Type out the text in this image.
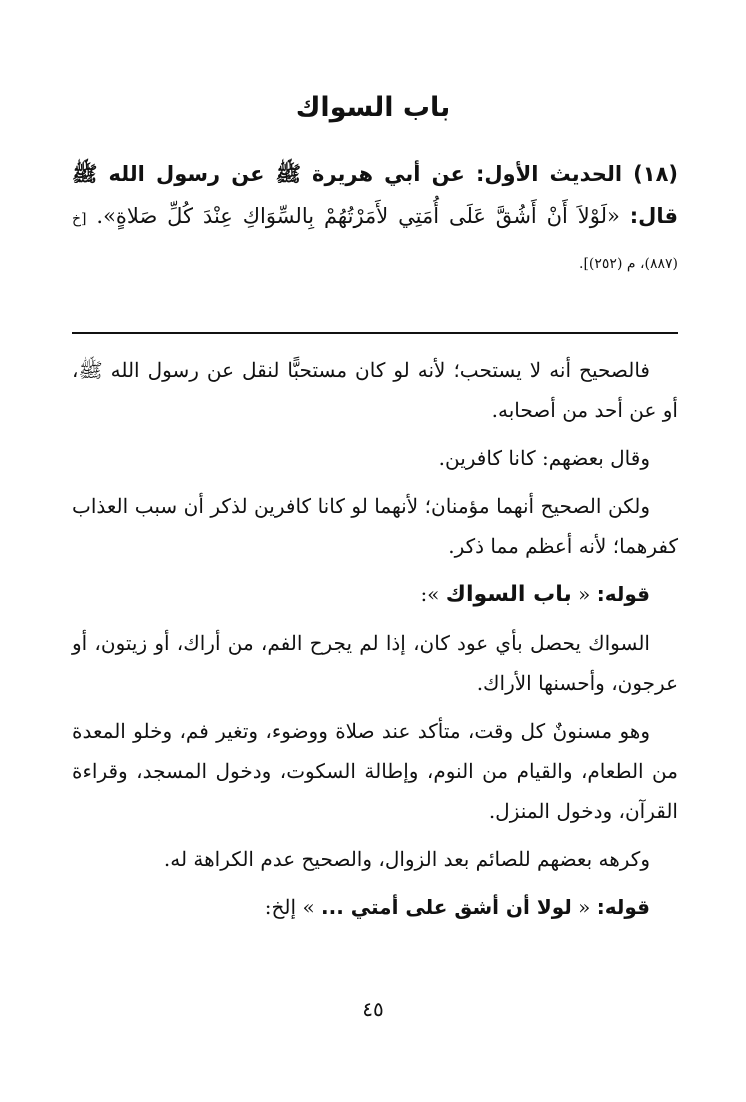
باب السواك
(١٨) الحديث الأول: عن أبي هريرة ﷺ عن رسول الله ﷺ قال: «لَوْلاَ أَنْ أَشُقَّ عَلَى أُمَتِي لأَمَرْتُهُمْ بِالسِّوَاكِ عِنْدَ كُلِّ صَلاةٍ». [خ (٨٨٧)، م (٢٥٢)].

فالصحيح أنه لا يستحب؛ لأنه لو كان مستحبًّا لنقل عن رسول الله ﷺ، أو عن أحد من أصحابه.

وقال بعضهم: كانا كافرين.

ولكن الصحيح أنهما مؤمنان؛ لأنهما لو كانا كافرين لذكر أن سبب العذاب كفرهما؛ لأنه أعظم مما ذكر.

قوله: « باب السواك »:

السواك يحصل بأي عود كان، إذا لم يجرح الفم، من أراك، أو زيتون، أو عرجون، وأحسنها الأراك.

وهو مسنونٌ كل وقت، متأكد عند صلاة ووضوء، وتغير فم، وخلو المعدة من الطعام، والقيام من النوم، وإطالة السكوت، ودخول المسجد، وقراءة القرآن، ودخول المنزل.

وكرهه بعضهم للصائم بعد الزوال، والصحيح عدم الكراهة له.

قوله: « لولا أن أشق على أمتي ... » إلخ:

٤٥
